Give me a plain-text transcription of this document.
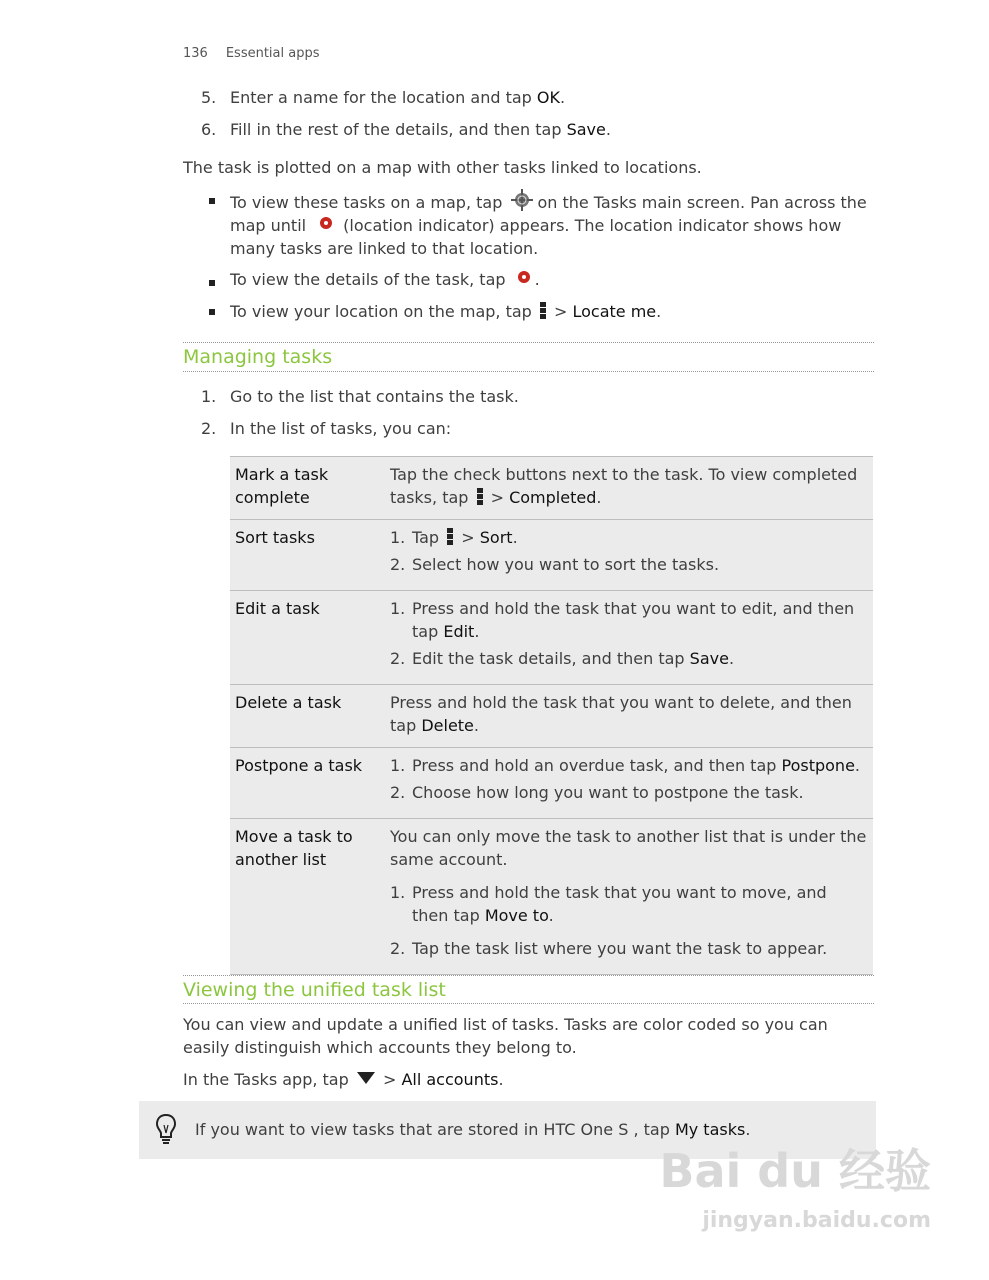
136 Essential apps
5. Enter a name for the location and tap OK.
6. Fill in the rest of the details, and then tap Save.
The task is plotted on a map with other tasks linked to locations.
To view these tasks on a map, tap on the Tasks main screen. Pan across the
map until (location indicator) appears. The location indicator shows how
many tasks are linked to that location.
To view the details of the task, tap .
To view your location on the map, tap
> Locate me.
Managing tasks
1. Go to the list that contains the task.
2. In the list of tasks, you can:
Mark a task complete	Tap the check buttons next to the task. To view completed tasks, tap
> Completed.
Sort tasks	1. Tap
> Sort.
2. Select how you want to sort the tasks.

Edit a task	1. Press and hold the task that you want to edit, and then tap Edit.
2. Edit the task details, and then tap Save.

Delete a task	Press and hold the task that you want to delete, and then tap Delete.
Postpone a task	1. Press and hold an overdue task, and then tap Postpone.
2. Choose how long you want to postpone the task.

Move a task to another list	You can only move the task to another list that is under the same account.
1. Press and hold the task that you want to move, and then tap Move to.
2. Tap the task list where you want the task to appear.
Viewing the unified task list
You can view and update a unified list of tasks. Tasks are color coded so you can easily distinguish which accounts they belong to.
In the Tasks app, tap  > All accounts.
If you want to view tasks that are stored in HTC One S , tap My tasks.
Bai du 经验
jingyan.baidu.com
